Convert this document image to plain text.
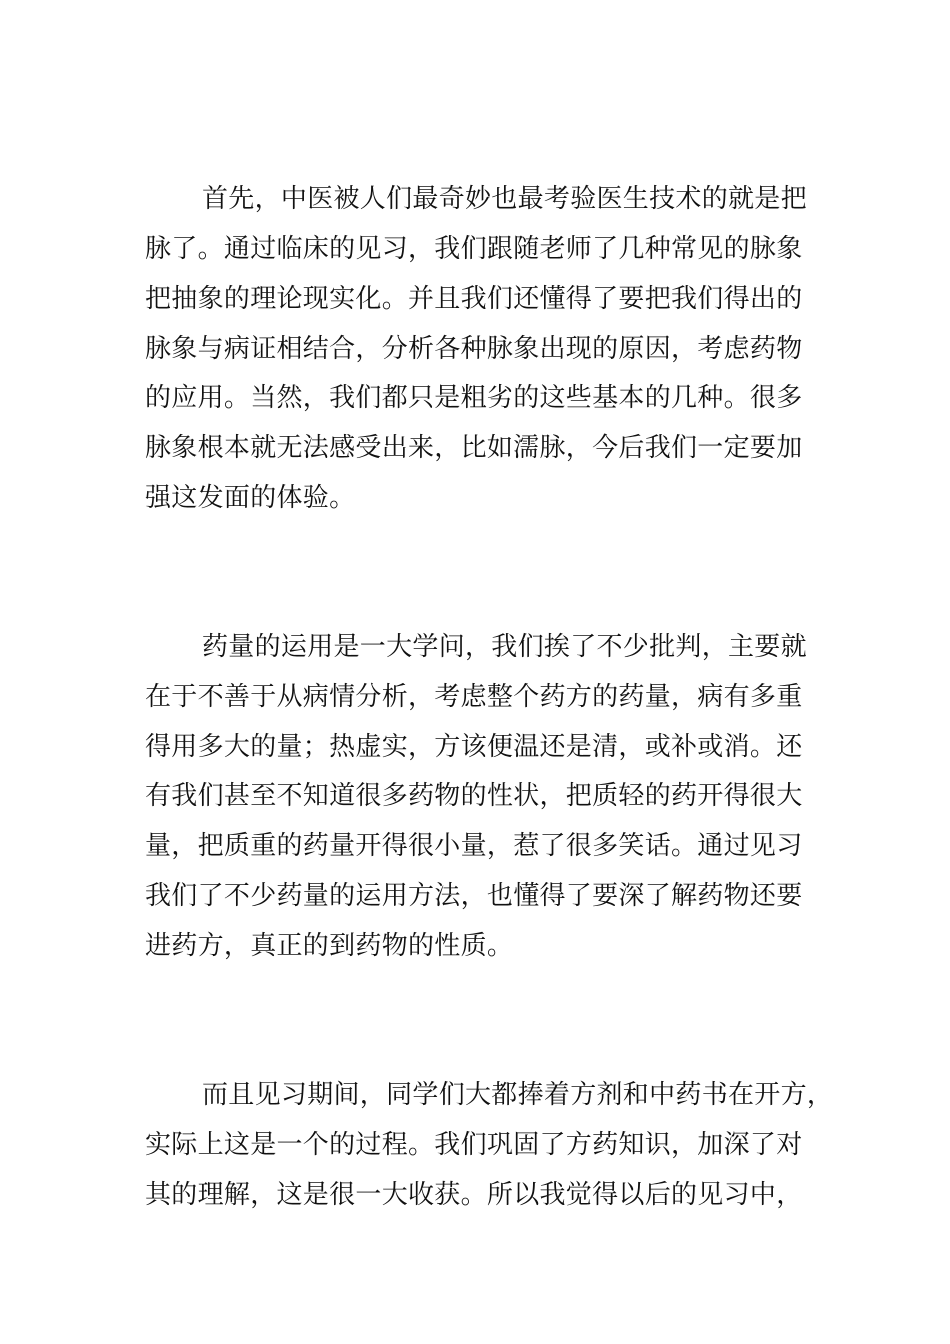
首先，中医被人们最奇妙也最考验医生技术的就是把

脉了。通过临床的见习，我们跟随老师了几种常见的脉象

把抽象的理论现实化。并且我们还懂得了要把我们得出的

脉象与病证相结合，分析各种脉象出现的原因，考虑药物

的应用。当然，我们都只是粗劣的这些基本的几种。很多

脉象根本就无法感受出来，比如濡脉，今后我们一定要加

强这发面的体验。

药量的运用是一大学问，我们挨了不少批判，主要就

在于不善于从病情分析，考虑整个药方的药量，病有多重

得用多大的量；热虚实，方该便温还是清，或补或消。还

有我们甚至不知道很多药物的性状，把质轻的药开得很大

量，把质重的药量开得很小量，惹了很多笑话。通过见习

我们了不少药量的运用方法，也懂得了要深了解药物还要

进药方，真正的到药物的性质。

而且见习期间，同学们大都捧着方剂和中药书在开方，

实际上这是一个的过程。我们巩固了方药知识，加深了对

其的理解，这是很一大收获。所以我觉得以后的见习中，
